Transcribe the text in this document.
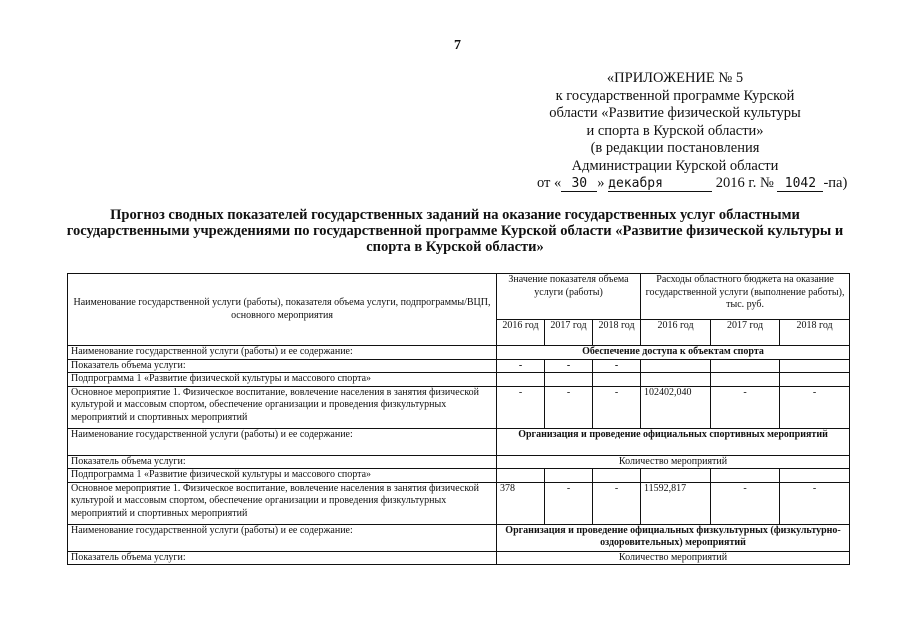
7
«ПРИЛОЖЕНИЕ № 5
к государственной программе Курской
области «Развитие физической культуры
и спорта в Курской области»
(в редакции постановления
Администрации Курской области
от « 30 » декабря	2016 г. № 1042 -па)
Прогноз сводных показателей государственных заданий на оказание государственных услуг областными государственными учреждениями по государственной программе Курской области «Развитие физической культуры и спорта в Курской области»
Наименование государственной услуги (работы), показателя объема услуги, подпрограммы/ВЦП, основного мероприятия	Значение показателя объема услуги (работы)			Расходы областного бюджета на оказание государственной услуги (выполнение работы), тыс. руб.		
	2016 год	2017 год	2018 год	2016 год	2017 год	2018 год
Наименование государственной услуги (работы) и ее содержание:	Обеспечение доступа к объектам спорта					
Показатель объема услуги:	-	-	-			
Подпрограмма 1 «Развитие физической культуры и массового спорта»						
Основное мероприятие 1. Физическое воспитание, вовлечение населения в занятия физической культурой и массовым спортом, обеспечение организации и проведения физкультурных мероприятий и спортивных мероприятий	-	-	-	102402,040	-	-
Наименование государственной услуги (работы) и ее содержание:	Организация и проведение официальных спортивных мероприятий					
Показатель объема услуги:	Количество мероприятий					
Подпрограмма 1 «Развитие физической культуры и массового спорта»						
Основное мероприятие 1. Физическое воспитание, вовлечение населения в занятия физической культурой и массовым спортом, обеспечение организации и проведения физкультурных мероприятий и спортивных мероприятий	378	-	-	11592,817	-	-
Наименование государственной услуги (работы) и ее содержание:	Организация и проведение официальных физкультурных (физкультурно-оздоровительных) мероприятий					
Показатель объема услуги:	Количество мероприятий					
